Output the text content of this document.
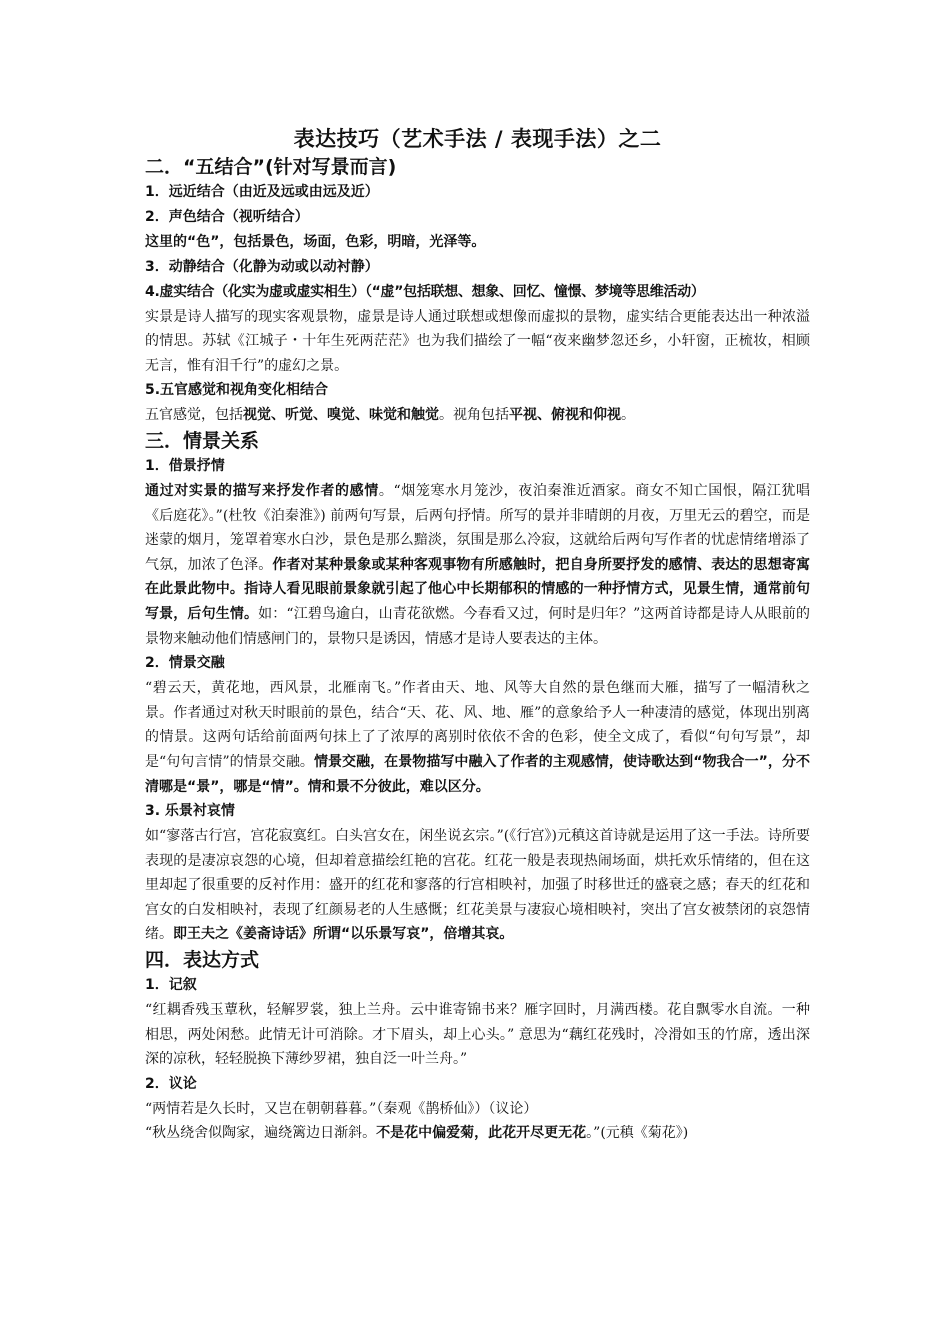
表达技巧（艺术手法 / 表现手法）之二
二．“五结合”(针对写景而言)
1．远近结合（由近及远或由远及近）
2．声色结合（视听结合）
这里的“色”，包括景色，场面，色彩，明暗，光泽等。
3．动静结合（化静为动或以动衬静）
4.虚实结合（化实为虚或虚实相生）（“虚”包括联想、想象、回忆、憧憬、梦境等思维活动）
实景是诗人描写的现实客观景物，虚景是诗人通过联想或想像而虚拟的景物，虚实结合更能表达出一种浓溢的情思。苏轼《江城子・十年生死两茫茫》也为我们描绘了一幅“夜来幽梦忽还乡，小轩窗，正梳妆，相顾无言，惟有泪千行”的虚幻之景。
5.五官感觉和视角变化相结合
五官感觉，包括视觉、听觉、嗅觉、味觉和触觉。视角包括平视、俯视和仰视。
三．情景关系
1．借景抒情
通过对实景的描写来抒发作者的感情。“烟笼寒水月笼沙，夜泊秦淮近酒家。商女不知亡国恨，隔江犹唱《后庭花》。”(杜牧《泊秦淮》) 前两句写景，后两句抒情。所写的景并非晴朗的月夜，万里无云的碧空，而是迷蒙的烟月，笼罩着寒水白沙，景色是那么黯淡，氛围是那么冷寂，这就给后两句写作者的忧虑情绪增添了气氛，加浓了色泽。作者对某种景象或某种客观事物有所感触时，把自身所要抒发的感情、表达的思想寄寓在此景此物中。指诗人看见眼前景象就引起了他心中长期郁积的情感的一种抒情方式，见景生情，通常前句写景，后句生情。如：“江碧鸟逾白，山青花欲燃。今春看又过，何时是归年？”这两首诗都是诗人从眼前的景物来触动他们情感闸门的，景物只是诱因，情感才是诗人要表达的主体。
2．情景交融
“碧云天，黄花地，西风景，北雁南飞。”作者由天、地、风等大自然的景色继而大雁，描写了一幅清秋之景。作者通过对秋天时眼前的景色，结合“天、花、风、地、雁”的意象给予人一种凄清的感觉，体现出别离的情景。这两句话给前面两句抹上了了浓厚的离别时依依不舍的色彩，使全文成了，看似“句句写景”，却是“句句言情”的情景交融。情景交融，在景物描写中融入了作者的主观感情，使诗歌达到“物我合一”，分不清哪是“景”，哪是“情”。情和景不分彼此，难以区分。
3. 乐景衬哀情
如“寥落古行宫，宫花寂寞红。白头宫女在，闲坐说玄宗。”(《行宫》)元稹这首诗就是运用了这一手法。诗所要表现的是凄凉哀怨的心境，但却着意描绘红艳的宫花。红花一般是表现热闹场面，烘托欢乐情绪的，但在这里却起了很重要的反衬作用：盛开的红花和寥落的行宫相映衬，加强了时移世迁的盛衰之感；春天的红花和宫女的白发相映衬，表现了红颜易老的人生感慨；红花美景与凄寂心境相映衬，突出了宫女被禁闭的哀怨情绪。即王夫之《姜斋诗话》所谓“以乐景写哀”，倍增其哀。
四．表达方式
1．记叙
“红耦香残玉蕈秋，轻解罗裳，独上兰舟。云中谁寄锦书来？雁字回时，月满西楼。花自飘零水自流。一种相思，两处闲愁。此情无计可消除。才下眉头，却上心头。” 意思为“藕红花残时，冷滑如玉的竹席，透出深深的凉秋，轻轻脱换下薄纱罗裙，独自泛一叶兰舟。”
2．议论
“两情若是久长时，又岂在朝朝暮暮。”（秦观《鹊桥仙》）（议论）
“秋丛绕舍似陶家，遍绕篱边日渐斜。不是花中偏爱菊，此花开尽更无花。”(元稹《菊花》)
